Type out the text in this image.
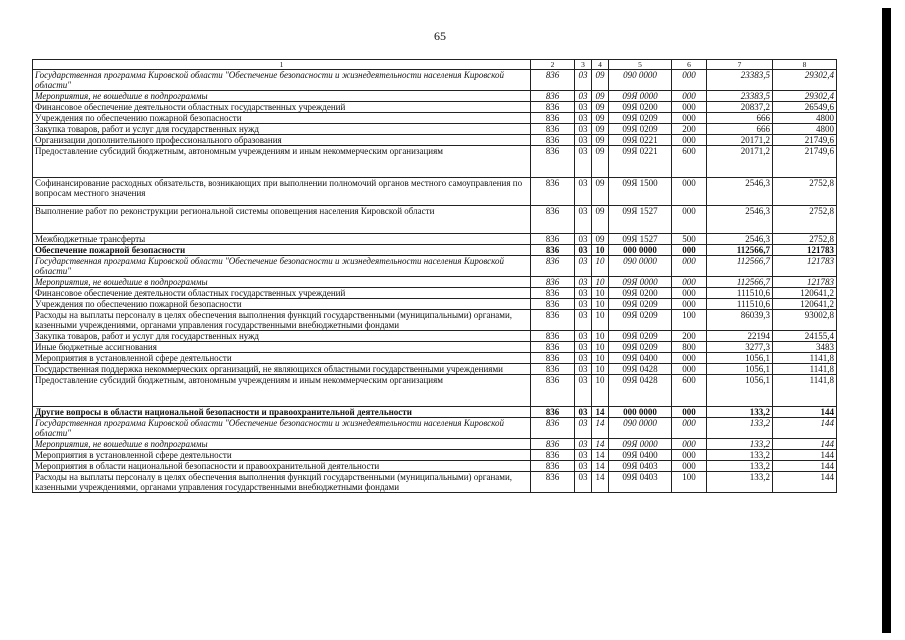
65
1	2	3	4	5	6	7	8
Государственная программа Кировской области "Обеспечение безопасности и жизнедеятельности населения Кировской области"	836	03	09	090 0000	000	23383,5	29302,4
Мероприятия, не вошедшие в подпрограммы	836	03	09	09Я 0000	000	23383,5	29302,4
Финансовое обеспечение деятельности областных государственных учреждений	836	03	09	09Я 0200	000	20837,2	26549,6
Учреждения по обеспечению пожарной безопасности	836	03	09	09Я 0209	000	666	4800
Закупка товаров, работ и услуг для государственных нужд	836	03	09	09Я 0209	200	666	4800
Организации дополнительного профессионального образования	836	03	09	09Я 0221	000	20171,2	21749,6
Предоставление субсидий бюджетным, автономным учреждениям и иным некоммерческим организациям	836	03	09	09Я 0221	600	20171,2	21749,6
Софинансирование расходных обязательств, возникающих при выполнении полномочий органов местного самоуправления по вопросам местного значения	836	03	09	09Я 1500	000	2546,3	2752,8
Выполнение работ по реконструкции региональной системы оповещения населения Кировской области	836	03	09	09Я 1527	000	2546,3	2752,8
Межбюджетные трансферты	836	03	09	09Я 1527	500	2546,3	2752,8
Обеспечение пожарной безопасности	836	03	10	000 0000	000	112566,7	121783
Государственная программа Кировской области "Обеспечение безопасности и жизнедеятельности населения Кировской области"	836	03	10	090 0000	000	112566,7	121783
Мероприятия, не вошедшие в подпрограммы	836	03	10	09Я 0000	000	112566,7	121783
Финансовое обеспечение деятельности областных государственных учреждений	836	03	10	09Я 0200	000	111510,6	120641,2
Учреждения по обеспечению пожарной безопасности	836	03	10	09Я 0209	000	111510,6	120641,2
Расходы на выплаты персоналу в целях обеспечения выполнения функций государственными (муниципальными) органами, казенными учреждениями, органами управления государственными внебюджетными фондами	836	03	10	09Я 0209	100	86039,3	93002,8
Закупка товаров, работ и услуг для государственных нужд	836	03	10	09Я 0209	200	22194	24155,4
Иные бюджетные ассигнования	836	03	10	09Я 0209	800	3277,3	3483
Мероприятия в установленной сфере деятельности	836	03	10	09Я 0400	000	1056,1	1141,8
Государственная поддержка некоммерческих организаций, не являющихся областными государственными учреждениями	836	03	10	09Я 0428	000	1056,1	1141,8
Предоставление субсидий бюджетным, автономным учреждениям и иным некоммерческим организациям	836	03	10	09Я 0428	600	1056,1	1141,8
Другие вопросы в области национальной безопасности и правоохранительной деятельности	836	03	14	000 0000	000	133,2	144
Государственная программа Кировской области "Обеспечение безопасности и жизнедеятельности населения Кировской области"	836	03	14	090 0000	000	133,2	144
Мероприятия, не вошедшие в подпрограммы	836	03	14	09Я 0000	000	133,2	144
Мероприятия в установленной сфере деятельности	836	03	14	09Я 0400	000	133,2	144
Мероприятия в области национальной безопасности и правоохранительной деятельности	836	03	14	09Я 0403	000	133,2	144
Расходы на выплаты персоналу в целях обеспечения выполнения функций государственными (муниципальными) органами, казенными учреждениями, органами управления государственными внебюджетными фондами	836	03	14	09Я 0403	100	133,2	144
